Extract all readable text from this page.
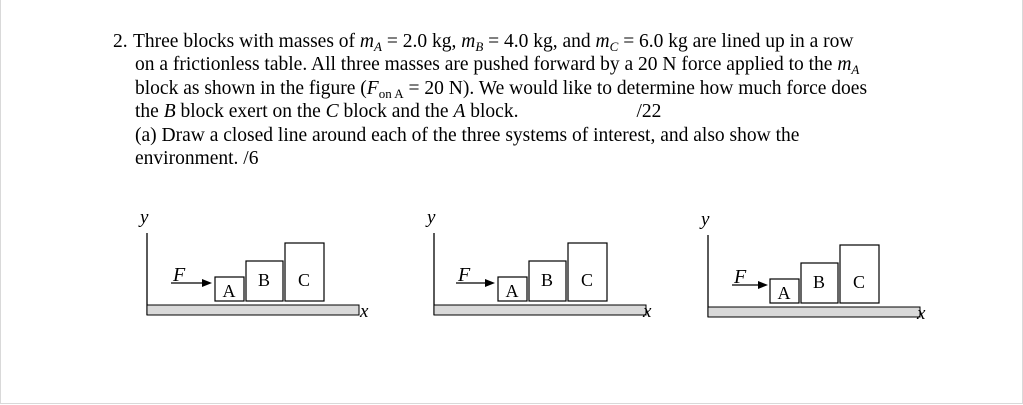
2. Three blocks with masses of $m_A = 2.0$ kg, $m_B = 4.0$ kg, and $m_C = 6.0$ kg are lined up in a row
on a frictionless table. All three masses are pushed forward by a 20 N force applied to the $m_A$
block as shown in the figure ($F_{on A} = 20$ N). We would like to determine how much force does
the B block exert on the C block and the A block.	/22
(a) Draw a closed line around each of the three systems of interest, and also show the
environment. /6
y
A
B C
F
x
y
A
B C
F
x
y
A
B C
F
x
